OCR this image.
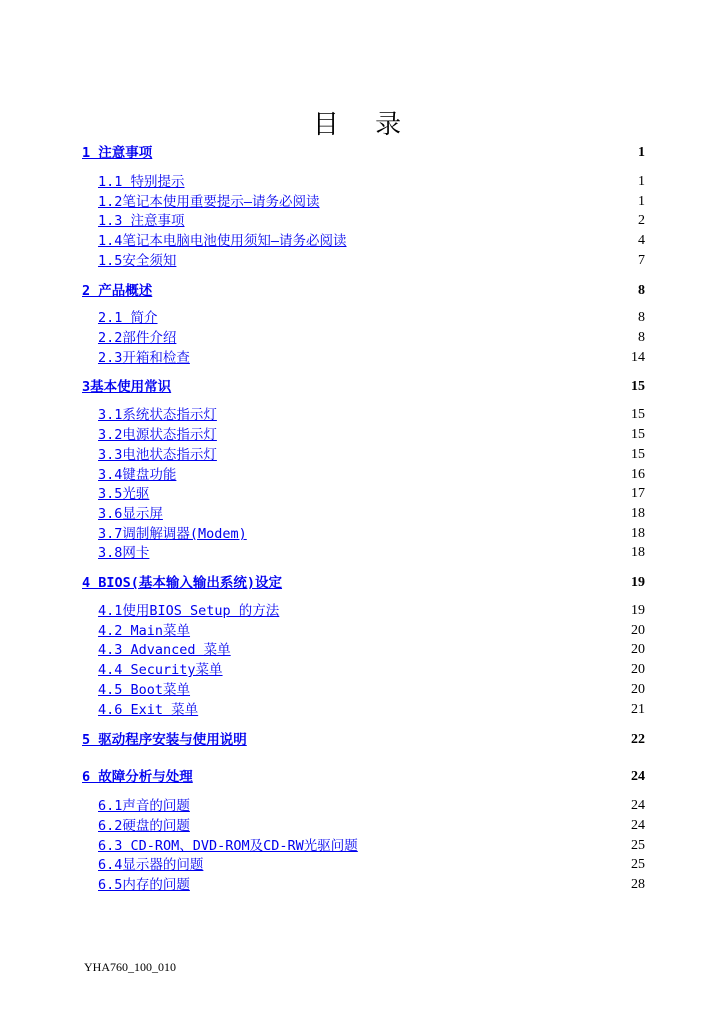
目 录
1 注意事项	1
1.1 特别提示	1
1.2笔记本使用重要提示—请务必阅读	1
1.3 注意事项	2
1.4笔记本电脑电池使用须知—请务必阅读	4
1.5安全须知	7
2 产品概述	8
2.1 简介	8
2.2部件介绍	8
2.3开箱和检查	14
3基本使用常识	15
3.1系统状态指示灯	15
3.2电源状态指示灯	15
3.3电池状态指示灯	15
3.4键盘功能	16
3.5光驱	17
3.6显示屏	18
3.7调制解调器(Modem)	18
3.8网卡	18
4 BIOS(基本输入输出系统)设定	19
4.1使用BIOS Setup 的方法	19
4.2 Main菜单	20
4.3 Advanced 菜单	20
4.4 Security菜单	20
4.5 Boot菜单	20
4.6 Exit 菜单	21
5 驱动程序安装与使用说明	22
6 故障分析与处理	24
6.1声音的问题	24
6.2硬盘的问题	24
6.3 CD-ROM、DVD-ROM及CD-RW光驱问题	25
6.4显示器的问题	25
6.5内存的问题	28
YHA760_100_010
